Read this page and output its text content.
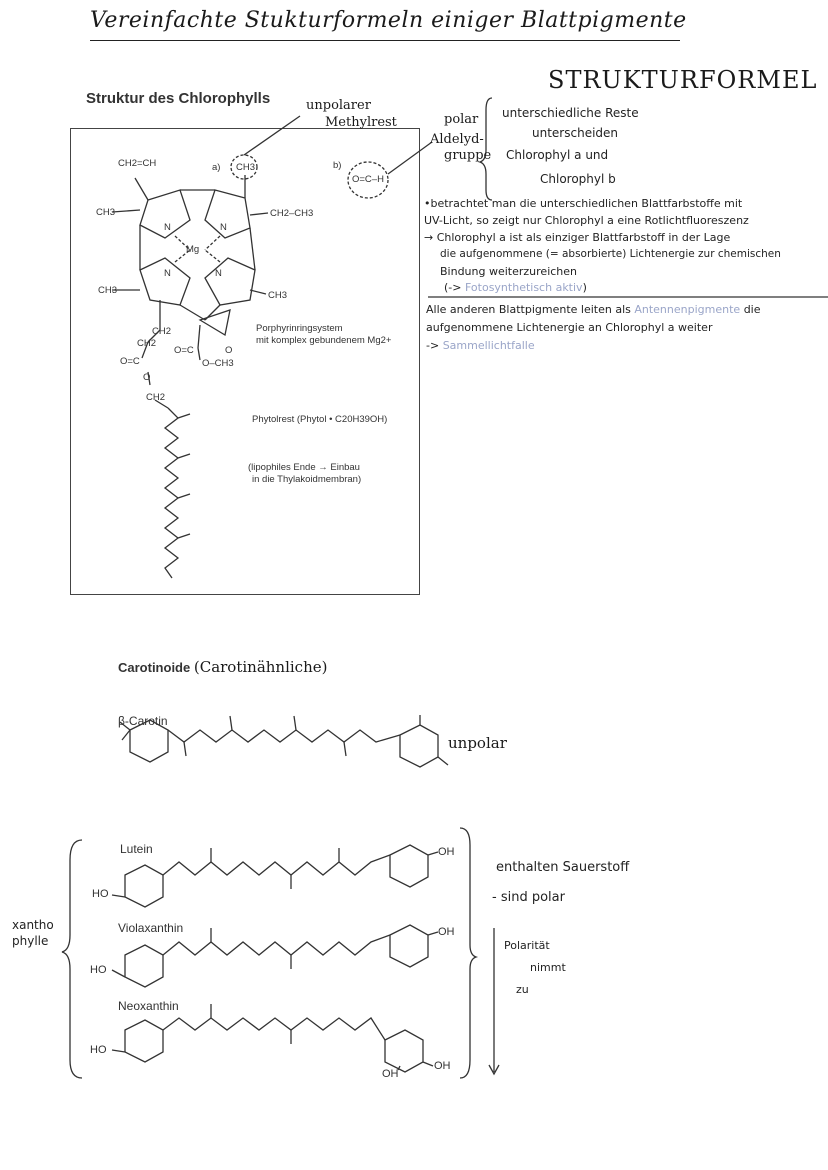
Vereinfachte Stukturformeln einiger Blattpigmente
STRUKTURFORMEL
Struktur des Chlorophylls
a)	b)
CH3
O=C–H
unpolarer
Methylrest	polar
Aldelyd-
gruppe
CH2=CH
CH3
CH3
CH2–CH3
CH3
Mg
N	N
N	N
CH2
CH2
O=C
O=C
O
O
O–CH3
CH2
Porphyrinringsystem
mit komplex gebundenem Mg2+
Phytolrest (Phytol • C20H39OH)
(lipophiles Ende → Einbau
in die Thylakoidmembran)
unterschiedliche Reste
unterscheiden
Chlorophyl a und
Chlorophyl b
•betrachtet man die unterschiedlichen Blattfarbstoffe mit
UV-Licht, so zeigt nur Chlorophyl a eine Rotlichtfluoreszenz
→ Chlorophyl a ist als einziger Blattfarbstoff in der Lage
die aufgenommene (= absorbierte) Lichtenergie zur chemischen
Bindung weiterzureichen
(-> Fotosynthetisch aktiv)
Alle anderen Blattpigmente leiten als Antennenpigmente die
aufgenommene Lichtenergie an Chlorophyl a weiter
-> Sammellichtfalle
Carotinoide (Carotinähnliche)
β-Carotin
unpolar
Lutein
Violaxanthin
Neoxanthin
HO
HO
HO
OH
OH
OH
OH
xantho
phylle
enthalten Sauerstoff
- sind polar
Polarität
nimmt
zu
